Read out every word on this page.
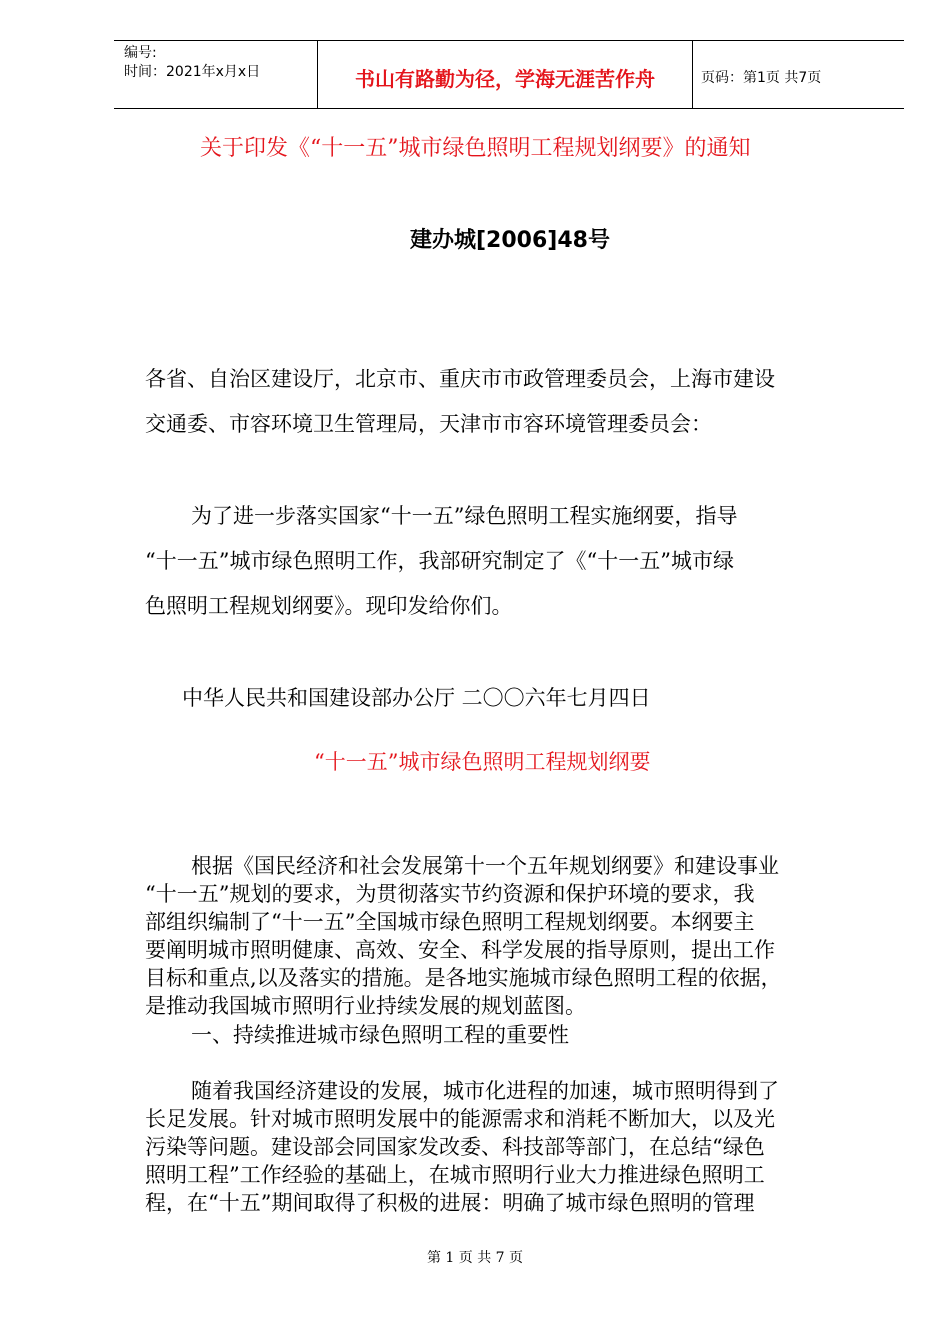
编号:
时间：2021年x月x日	书山有路勤为径，学海无涯苦作舟	页码：第1页 共7页
关于印发《“十一五”城市绿色照明工程规划纲要》的通知
建办城[2006]48号
各省、自治区建设厅，北京市、重庆市市政管理委员会，上海市建设
交通委、市容环境卫生管理局，天津市市容环境管理委员会：
为了进一步落实国家“十一五”绿色照明工程实施纲要，指导
“十一五”城市绿色照明工作，我部研究制定了《“十一五”城市绿
色照明工程规划纲要》。现印发给你们。
中华人民共和国建设部办公厅 二〇〇六年七月四日
“十一五”城市绿色照明工程规划纲要
根据《国民经济和社会发展第十一个五年规划纲要》和建设事业
“十一五”规划的要求，为贯彻落实节约资源和保护环境的要求，我
部组织编制了“十一五”全国城市绿色照明工程规划纲要。本纲要主
要阐明城市照明健康、高效、安全、科学发展的指导原则，提出工作
目标和重点,以及落实的措施。是各地实施城市绿色照明工程的依据，
是推动我国城市照明行业持续发展的规划蓝图。
一、持续推进城市绿色照明工程的重要性
随着我国经济建设的发展，城市化进程的加速，城市照明得到了
长足发展。针对城市照明发展中的能源需求和消耗不断加大，以及光
污染等问题。建设部会同国家发改委、科技部等部门，在总结“绿色
照明工程”工作经验的基础上，在城市照明行业大力推进绿色照明工
程，在“十五”期间取得了积极的进展：明确了城市绿色照明的管理
第 1 页 共 7 页
